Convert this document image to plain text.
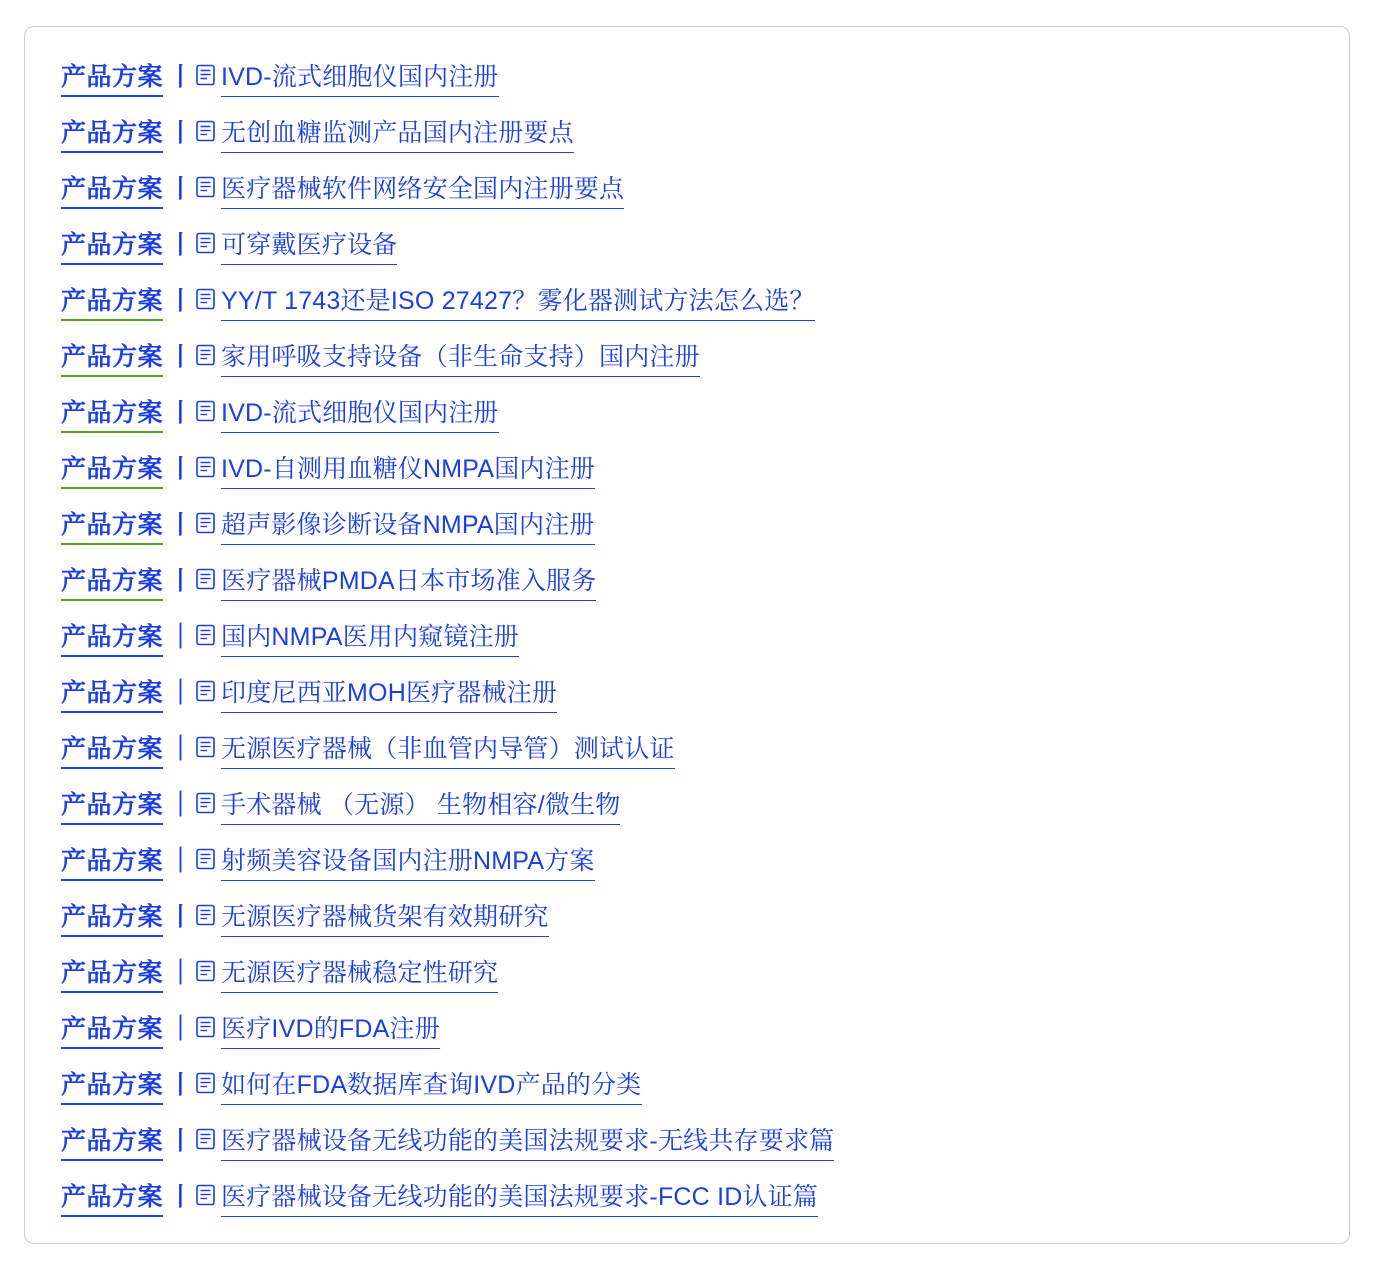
产品方案 丨 IVD-流式细胞仪国内注册
产品方案 丨 无创血糖监测产品国内注册要点
产品方案 丨 医疗器械软件网络安全国内注册要点
产品方案 丨 可穿戴医疗设备
产品方案 丨 YY/T 1743还是ISO 27427？雾化器测试方法怎么选？
产品方案 丨 家用呼吸支持设备（非生命支持）国内注册
产品方案 丨 IVD-流式细胞仪国内注册
产品方案 丨 IVD-自测用血糖仪NMPA国内注册
产品方案 丨 超声影像诊断设备NMPA国内注册
产品方案 丨 医疗器械PMDA日本市场准入服务
产品方案 ｜ 国内NMPA医用内窥镜注册
产品方案 ｜ 印度尼西亚MOH医疗器械注册
产品方案 ｜ 无源医疗器械（非血管内导管）测试认证
产品方案 ｜ 手术器械 （无源） 生物相容/微生物
产品方案 ｜ 射频美容设备国内注册NMPA方案
产品方案 丨 无源医疗器械货架有效期研究
产品方案 ｜ 无源医疗器械稳定性研究
产品方案 ｜ 医疗IVD的FDA注册
产品方案 丨 如何在FDA数据库查询IVD产品的分类
产品方案 丨 医疗器械设备无线功能的美国法规要求-无线共存要求篇
产品方案 丨 医疗器械设备无线功能的美国法规要求-FCC ID认证篇
